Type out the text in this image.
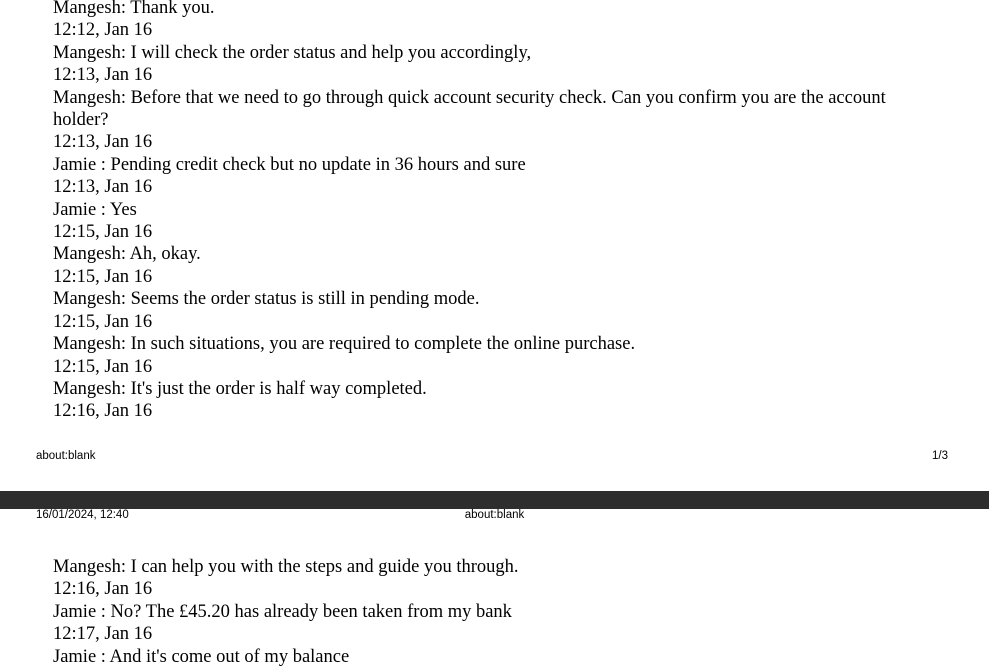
Mangesh: Thank you.

12:12, Jan 16

Mangesh: I will check the order status and help you accordingly,

12:13, Jan 16

Mangesh: Before that we need to go through quick account security check. Can you confirm you are the account holder?

12:13, Jan 16

Jamie : Pending credit check but no update in 36 hours and sure

12:13, Jan 16

Jamie : Yes

12:15, Jan 16

Mangesh: Ah, okay.

12:15, Jan 16

Mangesh: Seems the order status is still in pending mode.

12:15, Jan 16

Mangesh: In such situations, you are required to complete the online purchase.

12:15, Jan 16

Mangesh: It's just the order is half way completed.

12:16, Jan 16

about:blank	1/3
16/01/2024, 12:40	about:blank

Mangesh: I can help you with the steps and guide you through.

12:16, Jan 16

Jamie : No? The £45.20 has already been taken from my bank

12:17, Jan 16

Jamie : And it's come out of my balance
